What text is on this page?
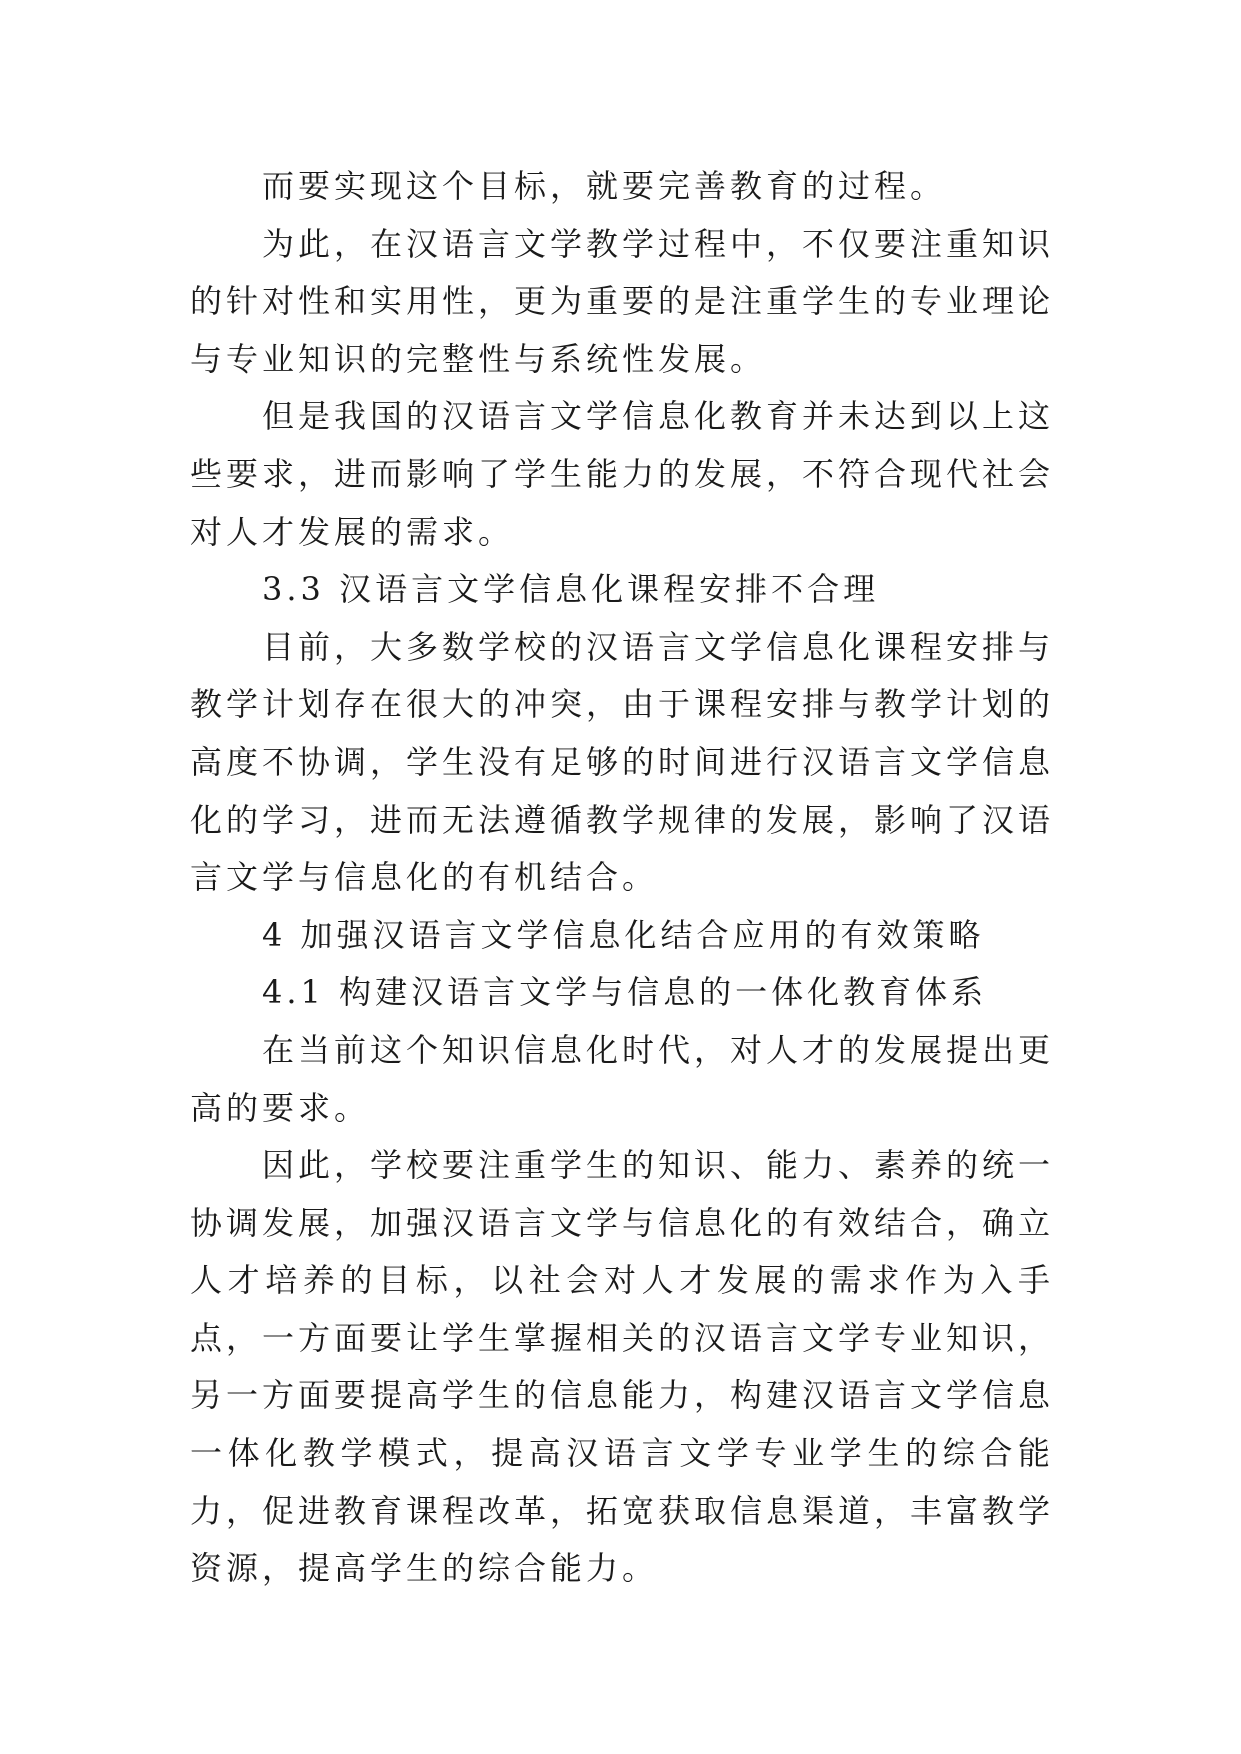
而要实现这个目标，就要完善教育的过程。

为此，在汉语言文学教学过程中，不仅要注重知识的针对性和实用性，更为重要的是注重学生的专业理论与专业知识的完整性与系统性发展。

但是我国的汉语言文学信息化教育并未达到以上这些要求，进而影响了学生能力的发展，不符合现代社会对人才发展的需求。

3.3 汉语言文学信息化课程安排不合理

目前，大多数学校的汉语言文学信息化课程安排与教学计划存在很大的冲突，由于课程安排与教学计划的高度不协调，学生没有足够的时间进行汉语言文学信息化的学习，进而无法遵循教学规律的发展，影响了汉语言文学与信息化的有机结合。

4 加强汉语言文学信息化结合应用的有效策略

4.1 构建汉语言文学与信息的一体化教育体系

在当前这个知识信息化时代，对人才的发展提出更高的要求。

因此，学校要注重学生的知识、能力、素养的统一协调发展，加强汉语言文学与信息化的有效结合，确立人才培养的目标，以社会对人才发展的需求作为入手点，一方面要让学生掌握相关的汉语言文学专业知识，另一方面要提高学生的信息能力，构建汉语言文学信息一体化教学模式，提高汉语言文学专业学生的综合能力，促进教育课程改革，拓宽获取信息渠道，丰富教学资源，提高学生的综合能力。
